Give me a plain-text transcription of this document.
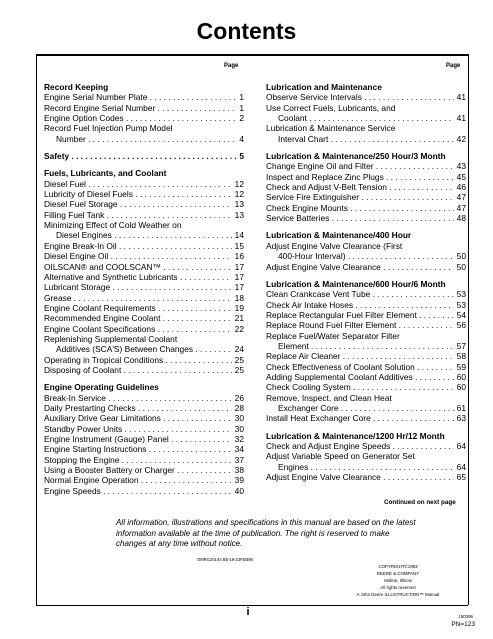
Contents
Page	Page
Record Keeping
Engine Serial Number Plate . . .	1
Record Engine Serial Number . . .	1
Engine Option Codes . . .	2
Record Fuel Injection Pump Model
Number . . .	4
Safety . . .	5
Fuels, Lubricants, and Coolant
Diesel Fuel . . .	12
Lubricity of Diesel Fuels . . .	12
Diesel Fuel Storage . . .	13
Filling Fuel Tank . . .	13
Minimizing Effect of Cold Weather on
Diesel Engines . . .	14
Engine Break-In Oil . . .	15
Diesel Engine Oil . . .	16
OILSCAN® and COOLSCAN™ . . .	17
Alternative and Synthetic Lubricants . . .	17
Lubricant Storage . . .	17
Grease . . .	18
Engine Coolant Requirements . . .	19
Recommended Engine Coolant . . .	21
Engine Coolant Specifications . . .	22
Replenishing Supplemental Coolant
Additives (SCA'S) Between Changes . . .	24
Operating in Tropical Conditions . . .	25
Disposing of Coolant . . .	25
Engine Operating Guidelines
Break-In Service . . .	26
Daily Prestarting Checks . . .	28
Auxiliary Drive Gear Limitations . . .	30
Standby Power Units . . .	30
Engine Instrument (Gauge) Panel . . .	32
Engine Starting Instructions . . .	34
Stopping the Engine . . .	37
Using a Booster Battery or Charger . . .	38
Normal Engine Operation . . .	39
Engine Speeds . . .	40
Lubrication and Maintenance
Observe Service Intervals . . .	41
Use Correct Fuels, Lubricants, and
Coolant . . .	41
Lubrication & Maintenance Service
Interval Chart . . .	42
Lubrication & Maintenance/250 Hour/3 Month
Change Engine Oil and Filter . . .	43
Inspect and Replace Zinc Plugs . . .	45
Check and Adjust V-Belt Tension . . .	46
Service Fire Extinguisher . . .	47
Check Engine Mounts . . .	47
Service Batteries . . .	48
Lubrication & Maintenance/400 Hour
Adjust Engine Valve Clearance (First
400-Hour Interval) . . .	50
Adjust Engine Valve Clearance . . .	50
Lubrication & Maintenance/600 Hour/6 Month
Clean Crankcase Vent Tube . . .	53
Check Air Intake Hoses . . .	53
Replace Rectangular Fuel Filter Element . . .	54
Replace Round Fuel Filter Element . . .	56
Replace Fuel/Water Separator Filter
Element . . .	57
Replace Air Cleaner . . .	58
Check Effectiveness of Coolant Solution . . .	59
Adding Supplemental Coolant Additives . . .	60
Check Cooling System . . .	60
Remove, Inspect, and Clean Heat
Exchanger Core . . .	61
Install Heat Exchanger Core . . .	63
Lubrication & Maintenance/1200 Hr/12 Month
Check and Adjust Engine Speeds . . .	64
Adjust Variable Speed on Generator Set
Engines . . .	64
Adjust Engine Valve Clearance . . .	65
Continued on next page
All information, illustrations and specifications in this manual are based on the latest information available at the time of publication. The right is reserved to make changes at any time without notice.
OMRG20144 B5-19-23FEB96
COPYRIGHT©1993
DEERE & COMPANY
Moline, Illinois
All rights reserved
A John Deere ILLUSTRUCTION™ Manual
i	150396
PN=123
